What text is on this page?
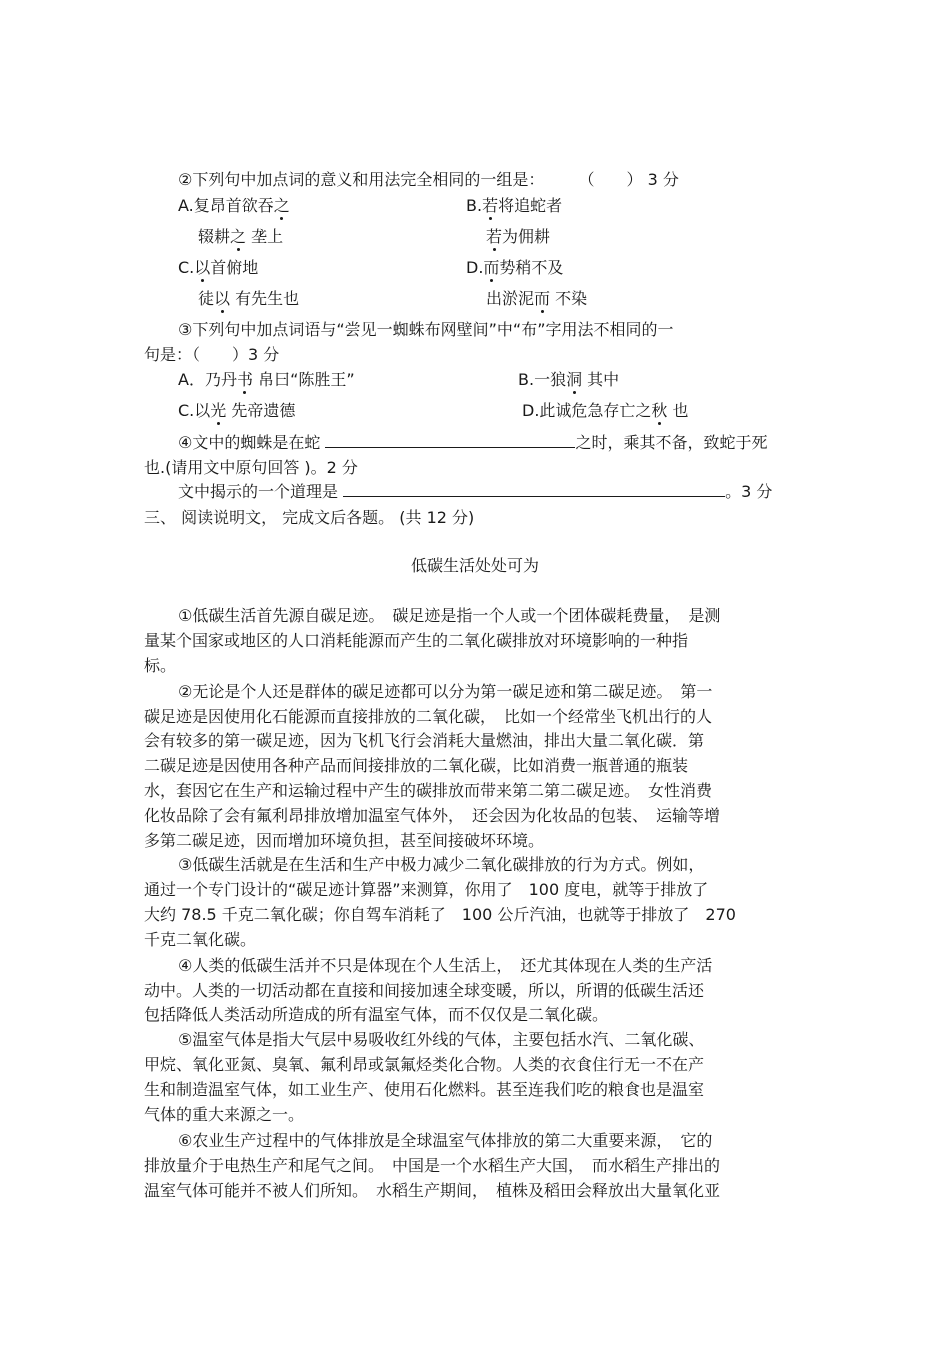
②下列句中加点词的意义和用法完全相同的一组是： （　　） 3 分
A.复昂首欲吞之	B.若将追蛇者
辍耕之 垄上	若为佣耕
C.以首俯地	D.而势稍不及
徒以 有先生也	出淤泥而 不染
③下列句中加点词语与“尝见一蜘蛛布网壁间”中“布”字用法不相同的一
句是：（　　）3 分
A．乃丹书 帛曰“陈胜王”	B.一狼洞 其中
C.以光 先帝遗德	D.此诚危急存亡之秋 也
④文中的蜘蛛是在蛇	之时，乘其不备，致蛇于死
也.(请用文中原句回答 )。2 分
文中揭示的一个道理是	。3 分
三、 阅读说明文， 完成文后各题。 (共 12 分)
低碳生活处处可为
①低碳生活首先源自碳足迹。　碳足迹是指一个人或一个团体碳耗费量，　是测
量某个国家或地区的人口消耗能源而产生的二氧化碳排放对环境影响的一种指
标。
②无论是个人还是群体的碳足迹都可以分为第一碳足迹和第二碳足迹。　第一
碳足迹是因使用化石能源而直接排放的二氧化碳，　比如一个经常坐飞机出行的人
会有较多的第一碳足迹，因为飞机飞行会消耗大量燃油，排出大量二氧化碳．第
二碳足迹是因使用各种产品而间接排放的二氧化碳，比如消费一瓶普通的瓶装
水，套因它在生产和运输过程中产生的碳排放而带来第二第二碳足迹。　女性消费
化妆品除了会有氟利昂排放增加温室气体外，　还会因为化妆品的包装、　运输等增
多第二碳足迹，因而增加环境负担，甚至间接破坏环境。
③低碳生活就是在生活和生产中极力减少二氧化碳排放的行为方式。例如，
通过一个专门设计的“碳足迹计算器”来测算，你用了　100 度电，就等于排放了
大约 78.5 千克二氧化碳；你自驾车消耗了　100 公斤汽油，也就等于排放了　270
千克二氧化碳。
④人类的低碳生活并不只是体现在个人生活上，　还尤其体现在人类的生产活
动中。人类的一切活动都在直接和间接加速全球变暖，所以，所谓的低碳生活还
包括降低人类活动所造成的所有温室气体，而不仅仅是二氧化碳。
⑤温室气体是指大气层中易吸收红外线的气体，主要包括水汽、二氧化碳、
甲烷、氧化亚氮、臭氧、氟利昂或氯氟烃类化合物。人类的衣食住行无一不在产
生和制造温室气体，如工业生产、使用石化燃料。甚至连我们吃的粮食也是温室
气体的重大来源之一。
⑥农业生产过程中的气体排放是全球温室气体排放的第二大重要来源，　它的
排放量介于电热生产和尾气之间。　中国是一个水稻生产大国，　而水稻生产排出的
温室气体可能并不被人们所知。　水稻生产期间，　植株及稻田会释放出大量氧化亚
